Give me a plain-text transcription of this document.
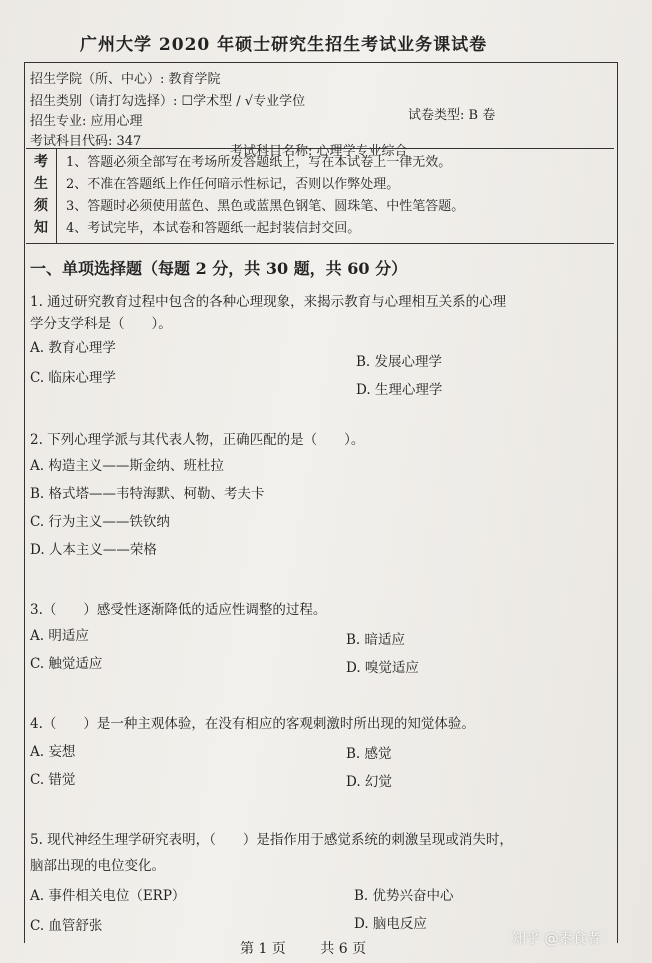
广州大学 2020 年硕士研究生招生考试业务课试卷
招生学院（所、中心）: 教育学院
招生类别（请打勾选择）: ☐学术型 / √专业学位
试卷类型: B 卷
招生专业: 应用心理
考试科目代码: 347
考试科目名称: 心理学专业综合
考
生
须
知
1、答题必须全部写在考场所发答题纸上，写在本试卷上一律无效。
2、不准在答题纸上作任何暗示性标记，否则以作弊处理。
3、答题时必须使用蓝色、黑色或蓝黑色钢笔、圆珠笔、中性笔答题。
4、考试完毕，本试卷和答题纸一起封装信封交回。
一、单项选择题（每题 2 分，共 30 题，共 60 分）
1. 通过研究教育过程中包含的各种心理现象，来揭示教育与心理相互关系的心理
学分支学科是（　　）。
A. 教育心理学
B. 发展心理学
C. 临床心理学
D. 生理心理学
2. 下列心理学派与其代表人物，正确匹配的是（　　）。
A. 构造主义——斯金纳、班杜拉
B. 格式塔——韦特海默、柯勒、考夫卡
C. 行为主义——铁钦纳
D. 人本主义——荣格
3.（　　）感受性逐渐降低的适应性调整的过程。
A. 明适应	B. 暗适应
C. 触觉适应	D. 嗅觉适应
4.（　　）是一种主观体验，在没有相应的客观刺激时所出现的知觉体验。
A. 妄想	B. 感觉
C. 错觉	D. 幻觉
5. 现代神经生理学研究表明，（　　）是指作用于感觉系统的刺激呈现或消失时，
脑部出现的电位变化。
A. 事件相关电位（ERP）	B. 优势兴奋中心
C. 血管舒张	D. 脑电反应
第 1 页 共 6 页
知乎 @素食者
